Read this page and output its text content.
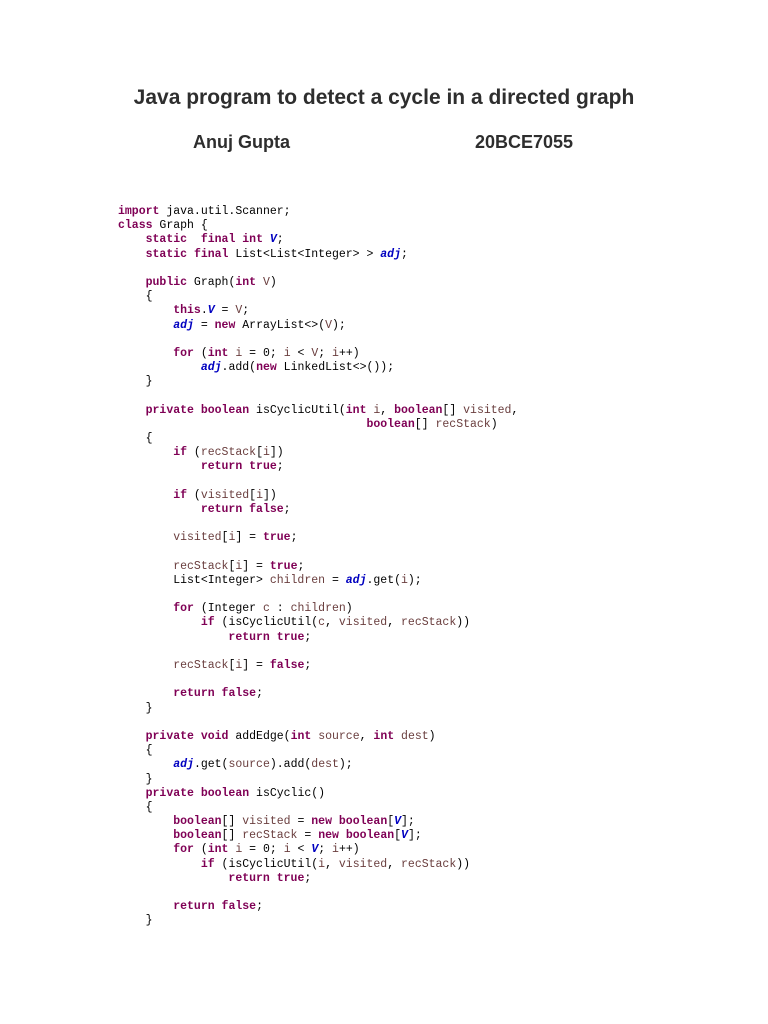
Java program to detect a cycle in a directed graph
Anuj Gupta	20BCE7055
import java.util.Scanner;
class Graph {
static final int V;
static final List<List<Integer> > adj;

public Graph(int V)
{
this.V = V;
adj = new ArrayList<>(V);

for (int i = 0; i < V; i++)
adj.add(new LinkedList<>());
}

private boolean isCyclicUtil(int i, boolean[] visited,
boolean[] recStack)
{
if (recStack[i])
return true;

if (visited[i])
return false;

visited[i] = true;

recStack[i] = true;
List<Integer> children = adj.get(i);

for (Integer c : children)
if (isCyclicUtil(c, visited, recStack))
return true;

recStack[i] = false;

return false;
}

private void addEdge(int source, int dest)
{
adj.get(source).add(dest);
}
private boolean isCyclic()
{
boolean[] visited = new boolean[V];
boolean[] recStack = new boolean[V];
for (int i = 0; i < V; i++)
if (isCyclicUtil(i, visited, recStack))
return true;

return false;
}
